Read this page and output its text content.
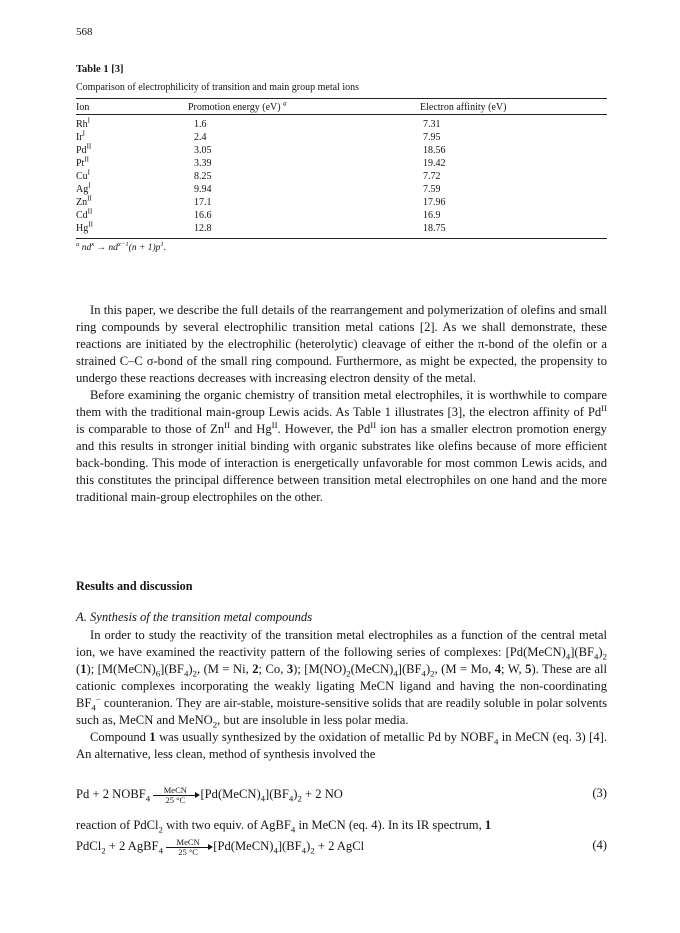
568
Table 1 [3]
Comparison of electrophilicity of transition and main group metal ions
Ion	Promotion energy (eV) $^a$	Electron affinity (eV)
$Rh^I$	1.6	7.31
$Ir^I$	2.4	7.95
$Pd^{II}$	3.05	18.56
$Pt^{II}$	3.39	19.42
$Cu^I$	8.25	7.72
$Ag^I$	9.94	7.59
$Zn^{II}$	17.1	17.96
$Cd^{II}$	16.6	16.9
$Hg^{II}$	12.8	18.75
$^a$ $nd^x \to nd^{x-1}(n + 1)p^1$.

In this paper, we describe the full details of the rearrangement and polymerization of olefins and small ring compounds by several electrophilic transition metal cations [2]. As we shall demonstrate, these reactions are initiated by the electrophilic (heterolytic) cleavage of either the π-bond of the olefin or a strained C–C σ-bond of the small ring compound. Furthermore, as might be expected, the propensity to undergo these reactions decreases with increasing electron density of the metal.

Before examining the organic chemistry of transition metal electrophiles, it is worthwhile to compare them with the traditional main-group Lewis acids. As Table 1 illustrates [3], the electron affinity of $Pd^{II}$ is comparable to those of $Zn^{II}$ and $Hg^{II}$. However, the $Pd^{II}$ ion has a smaller electron promotion energy and this results in stronger initial binding with organic substrates like olefins because of more efficient back-bonding. This mode of interaction is energetically unfavorable for most common Lewis acids, and this constitutes the principal difference between transition metal electrophiles on one hand and the more traditional main-group electrophiles on the other.

Results and discussion
A. Synthesis of the transition metal compounds

In order to study the reactivity of the transition metal electrophiles as a function of the central metal ion, we have examined the reactivity pattern of the following series of complexes: $[Pd(MeCN)_4](BF_4)_2$ (1); $[M(MeCN)_6](BF_4)_2$, (M = Ni, 2; Co, 3); $[M(NO)_2(MeCN)_4](BF_4)_2$, (M = Mo, 4; W, 5). These are all cationic complexes incorporating the weakly ligating MeCN ligand and having the non-coordinating $BF_4^-$ counteranion. They are air-stable, moisture-sensitive solids that are readily soluble in polar solvents such as, MeCN and MeNO$_2$, but are insoluble in less polar media.

Compound 1 was usually synthesized by the oxidation of metallic Pd by $NOBF_4$ in MeCN (eq. 3) [4]. An alternative, less clean, method of synthesis involved the

Pd + 2 $NOBF_4$
MeCN
25 °C	$[Pd(MeCN)_4](BF_4)_2 + 2$ NO	(3)
reaction of PdCl$_2$ with two equiv. of AgBF$_4$ in MeCN (eq. 4). In its IR spectrum, 1
PdCl$_2$ + 2 AgBF$_4$
MeCN
25 °C	$[Pd(MeCN)_4](BF_4)_2 + 2$ AgCl	(4)
